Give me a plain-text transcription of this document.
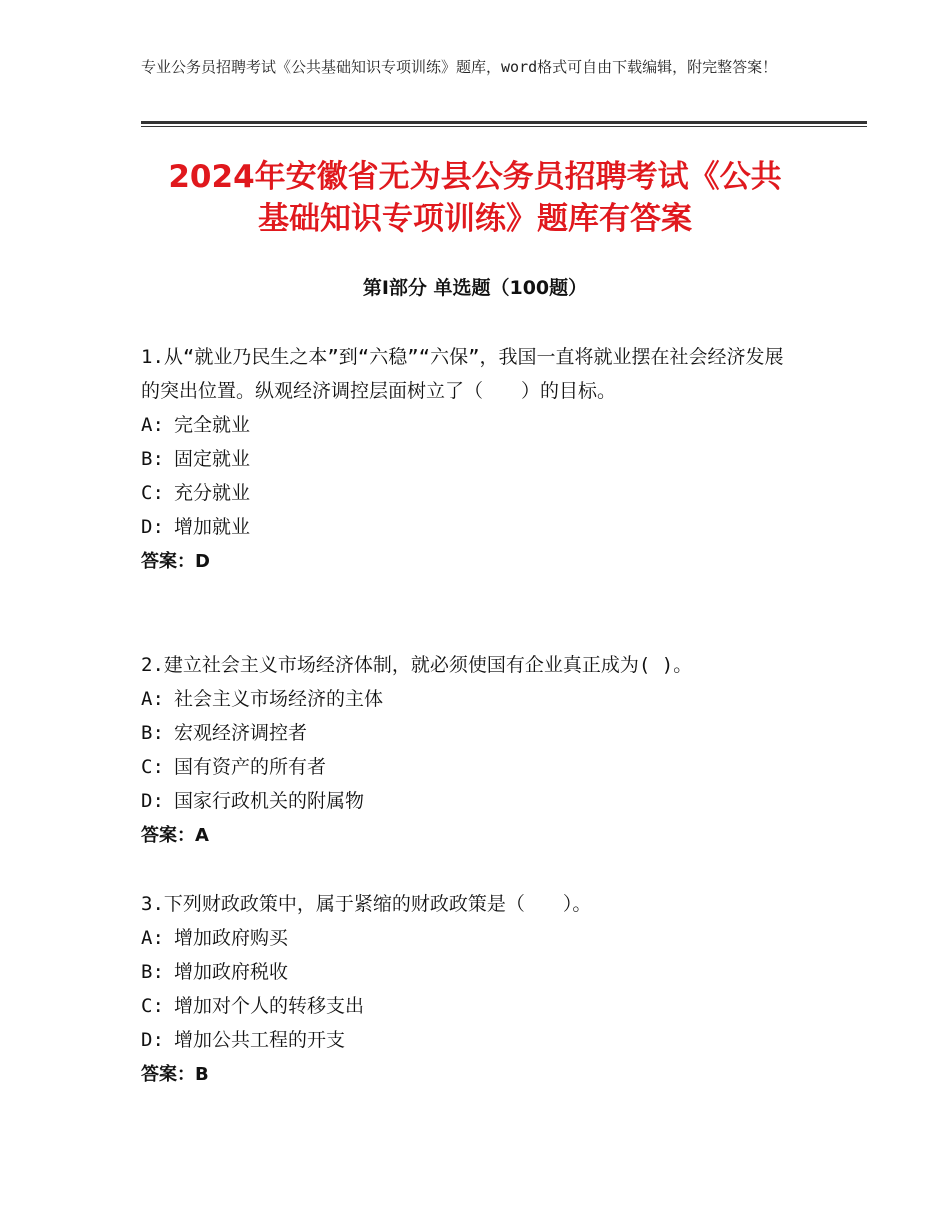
专业公务员招聘考试《公共基础知识专项训练》题库，word格式可自由下载编辑，附完整答案！
2024年安徽省无为县公务员招聘考试《公共
基础知识专项训练》题库有答案
第Ⅰ部分 单选题（100题）

1.从“就业乃民生之本”到“六稳”“六保”，我国一直将就业摆在社会经济发展的突出位置。纵观经济调控层面树立了（　　）的目标。

A: 完全就业
B: 固定就业
C: 充分就业
D: 增加就业
答案： D

2.建立社会主义市场经济体制，就必须使国有企业真正成为( )。

A: 社会主义市场经济的主体
B: 宏观经济调控者
C: 国有资产的所有者
D: 国家行政机关的附属物
答案： A

3.下列财政政策中，属于紧缩的财政政策是（　　）。

A: 增加政府购买
B: 增加政府税收
C: 增加对个人的转移支出
D: 增加公共工程的开支
答案： B
